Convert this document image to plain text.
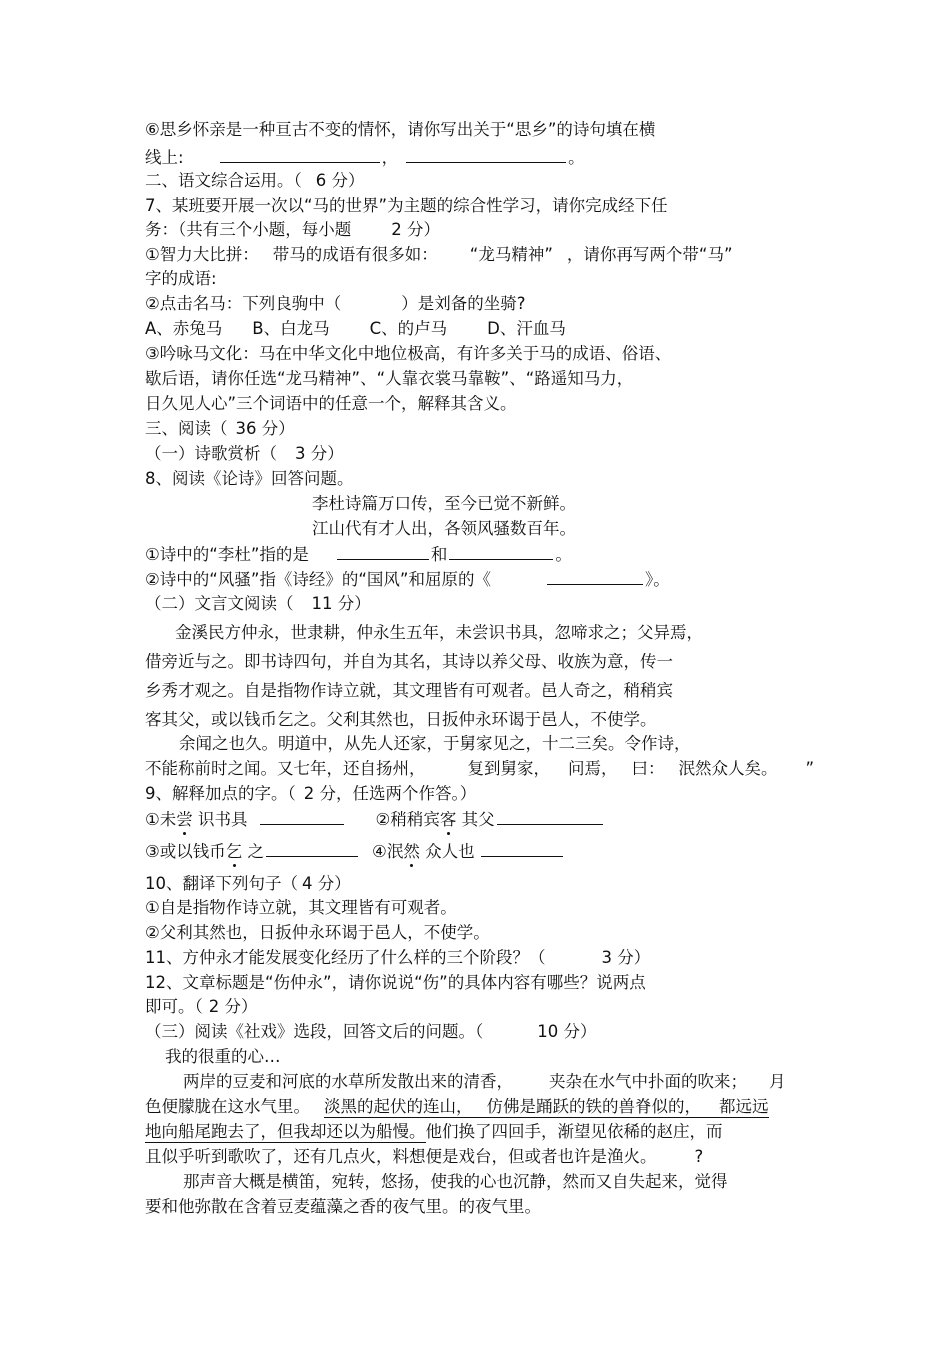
⑥思乡怀亲是一种亘古不变的情怀，请你写出关于“思乡”的诗句填在横
线上:	，	。
二、语文综合运用。（ 6 分）
7、某班要开展一次以“马的世界”为主题的综合性学习，请你完成经下任
务：（共有三个小题，每小题 2 分）
①智力大比拼： 带马的成语有很多如： “龙马精神” ，请你再写两个带“马”
字的成语:
②点击名马：下列良驹中（	）是刘备的坐骑?
A、赤兔马 B、白龙马 C、的卢马 D、汗血马
③吟咏马文化：马在中华文化中地位极高，有许多关于马的成语、俗语、
歇后语，请你任选“龙马精神”、“人靠衣裳马靠鞍”、“路遥知马力，
日久见人心”三个词语中的任意一个，解释其含义。
三、阅读（ 36 分）
（一）诗歌赏析（ 3 分）
8、阅读《论诗》回答问题。
李杜诗篇万口传，至今已觉不新鲜。
江山代有才人出，各领风骚数百年。
①诗中的“李杜”指的是	和	。
②诗中的“风骚”指《诗经》的“国风”和屈原的《	》。
（二）文言文阅读（ 11 分）
金溪民方仲永，世隶耕，仲永生五年，未尝识书具，忽啼求之；父异焉，
借旁近与之。即书诗四句，并自为其名，其诗以养父母、收族为意，传一
乡秀才观之。自是指物作诗立就，其文理皆有可观者。邑人奇之，稍稍宾
客其父，或以钱币乞之。父利其然也，日扳仲永环谒于邑人，不使学。
余闻之也久。明道中，从先人还家，于舅家见之，十二三矣。令作诗，
不能称前时之闻。又七年，还自扬州，	复到舅家， 问焉， 曰： 泯然众人矣。 ”
9、解释加点的字。（ 2 分，任选两个作答。）
①未尝 识书具	②稍稍宾客 其父
③或以钱币乞 之	④泯然 众人也
10、翻译下列句子（ 4 分）
①自是指物作诗立就，其文理皆有可观者。
②父利其然也，日扳仲永环谒于邑人，不使学。
11、方仲永才能发展变化经历了什么样的三个阶段？（	3 分）
12、文章标题是“伤仲永”，请你说说“伤”的具体内容有哪些？说两点
即可。（ 2 分）
（三）阅读《社戏》选段，回答文后的问题。（	10 分）
我的很重的心…
两岸的豆麦和河底的水草所发散出来的清香， 夹杂在水气中扑面的吹来； 月
色便朦胧在这水气里。 淡黑的起伏的连山， 仿佛是踊跃的铁的兽脊似的， 都远远
地向船尾跑去了，但我却还以为船慢。他们换了四回手，渐望见依稀的赵庄，而
且似乎听到歌吹了，还有几点火，料想便是戏台，但或者也许是渔火。 ?
那声音大概是横笛，宛转，悠扬，使我的心也沉静，然而又自失起来，觉得
要和他弥散在含着豆麦蕴藻之香的夜气里。的夜气里。
